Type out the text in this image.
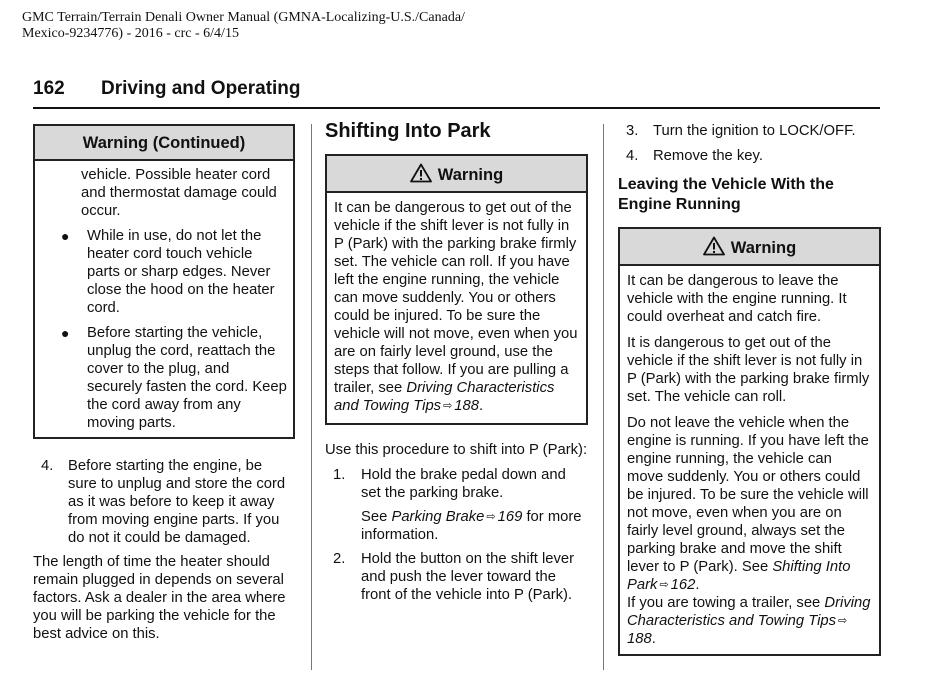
GMC Terrain/Terrain Denali Owner Manual (GMNA-Localizing-U.S./Canada/
Mexico-9234776) - 2016 - crc - 6/4/15
162 Driving and Operating
Warning (Continued)

vehicle. Possible heater cord and thermostat damage could occur.

● While in use, do not let the heater cord touch vehicle parts or sharp edges. Never close the hood on the heater cord.
● Before starting the vehicle, unplug the cord, reattach the cover to the plug, and securely fasten the cord. Keep the cord away from any moving parts.
4. Before starting the engine, be sure to unplug and store the cord as it was before to keep it away from moving engine parts. If you do not it could be damaged.

The length of time the heater should remain plugged in depends on several factors. Ask a dealer in the area where you will be parking the vehicle for the best advice on this.

Shifting Into Park
Warning

It can be dangerous to get out of the vehicle if the shift lever is not fully in P (Park) with the parking brake firmly set. The vehicle can roll. If you have left the engine running, the vehicle can move suddenly. You or others could be injured. To be sure the vehicle will not move, even when you are on fairly level ground, use the steps that follow. If you are pulling a trailer, see Driving Characteristics and Towing Tips ⇨ 188.

Use this procedure to shift into P (Park):

1. Hold the brake pedal down and set the parking brake.

See Parking Brake ⇨ 169 for more information.

2. Hold the button on the shift lever and push the lever toward the front of the vehicle into P (Park).
3. Turn the ignition to LOCK/OFF.
4. Remove the key.
Leaving the Vehicle With the Engine Running
Warning

It can be dangerous to leave the vehicle with the engine running. It could overheat and catch fire.

It is dangerous to get out of the vehicle if the shift lever is not fully in P (Park) with the parking brake firmly set. The vehicle can roll.

Do not leave the vehicle when the engine is running. If you have left the engine running, the vehicle can move suddenly. You or others could be injured. To be sure the vehicle will not move, even when you are on fairly level ground, always set the parking brake and move the shift lever to P (Park). See Shifting Into Park ⇨ 162.

If you are towing a trailer, see Driving Characteristics and Towing Tips ⇨188.
